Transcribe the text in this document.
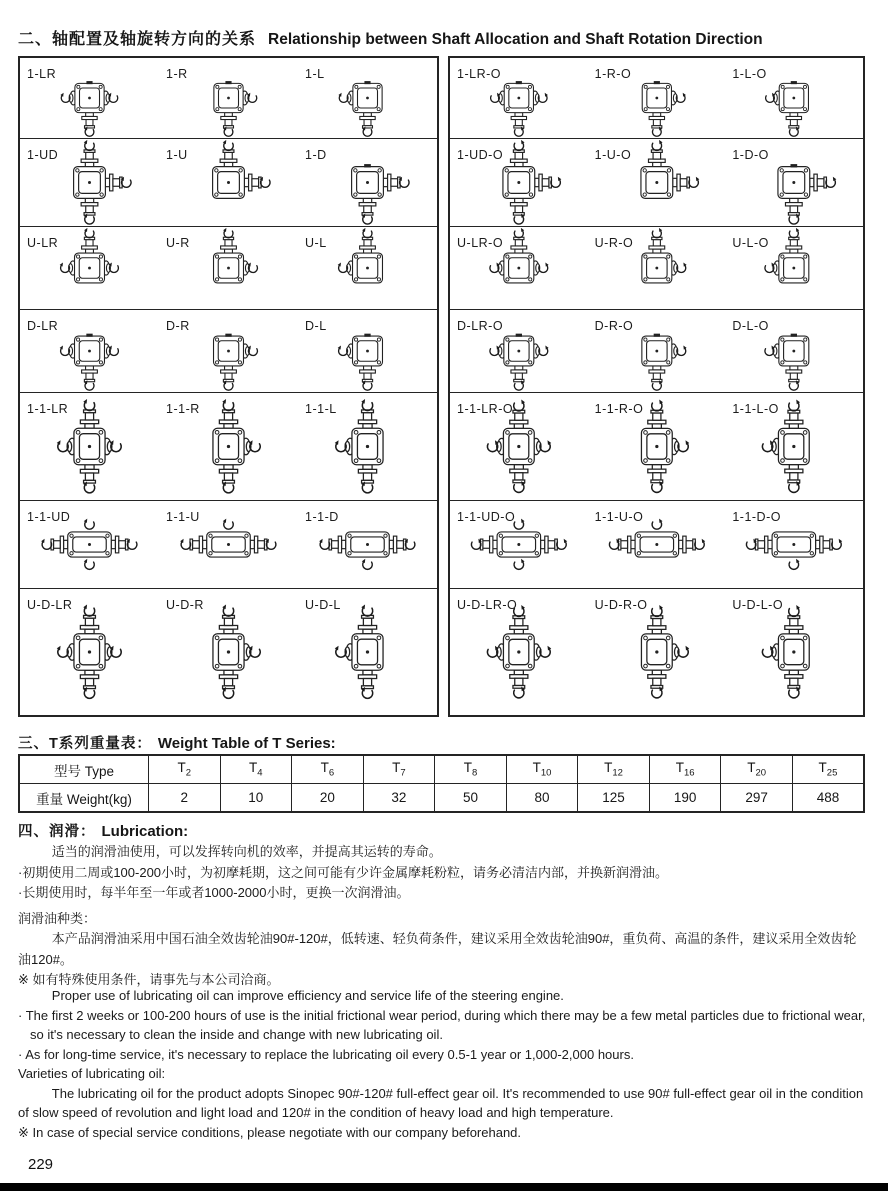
二、轴配置及轴旋转方向的关系 Relationship between Shaft Allocation and Shaft Rotation Direction
1-LR	1-R	1-L
1-UD	1-U	1-D
U-LR	U-R	U-L
D-LR	D-R	D-L
1-1-LR	1-1-R	1-1-L
1-1-UD	1-1-U	1-1-D
U-D-LR	U-D-R	U-D-L
1-LR-O	1-R-O	1-L-O
1-UD-O	1-U-O	1-D-O
U-LR-O	U-R-O	U-L-O
D-LR-O	D-R-O	D-L-O
1-1-LR-O	1-1-R-O	1-1-L-O
1-1-UD-O	1-1-U-O	1-1-D-O
U-D-LR-O	U-D-R-O	U-D-L-O
三、T系列重量表： Weight Table of T Series:
型号 Type	$T_2$	$T_4$	$T_6$	$T_7$	$T_8$	$T_{10}$	$T_{12}$	$T_{16}$	$T_{20}$	$T_{25}$
重量 Weight(kg)	2	10	20	32	50	80	125	190	297	488
四、润滑： Lubrication:

适当的润滑油使用，可以发挥转向机的效率，并提高其运转的寿命。

·初期使用二周或100-200小时，为初摩耗期，这之间可能有少许金属摩耗粉粒，请务必清洁内部，并换新润滑油。

·长期使用时，每半年至一年或者1000-2000小时，更换一次润滑油。

润滑油种类：

本产品润滑油采用中国石油全效齿轮油90#-120#，低转速、轻负荷条件，建议采用全效齿轮油90#，重负荷、高温的条件，建议采用全效齿轮油120#。

※ 如有特殊使用条件，请事先与本公司洽商。

Proper use of lubricating oil can improve efficiency and service life of the steering engine.

· The first 2 weeks or 100-200 hours of use is the initial frictional wear period, during which there may be a few metal particles due to frictional wear, so it's necessary to clean the inside and change with new lubricating oil.

· As for long-time service, it's necessary to replace the lubricating oil every 0.5-1 year or 1,000-2,000 hours.

Varieties of lubricating oil:

The lubricating oil for the product adopts Sinopec 90#-120# full-effect gear oil. It's recommended to use 90# full-effect gear oil in the condition of slow speed of revolution and light load and 120# in the condition of heavy load and high temperature.

※ In case of special service conditions, please negotiate with our company beforehand.

229
